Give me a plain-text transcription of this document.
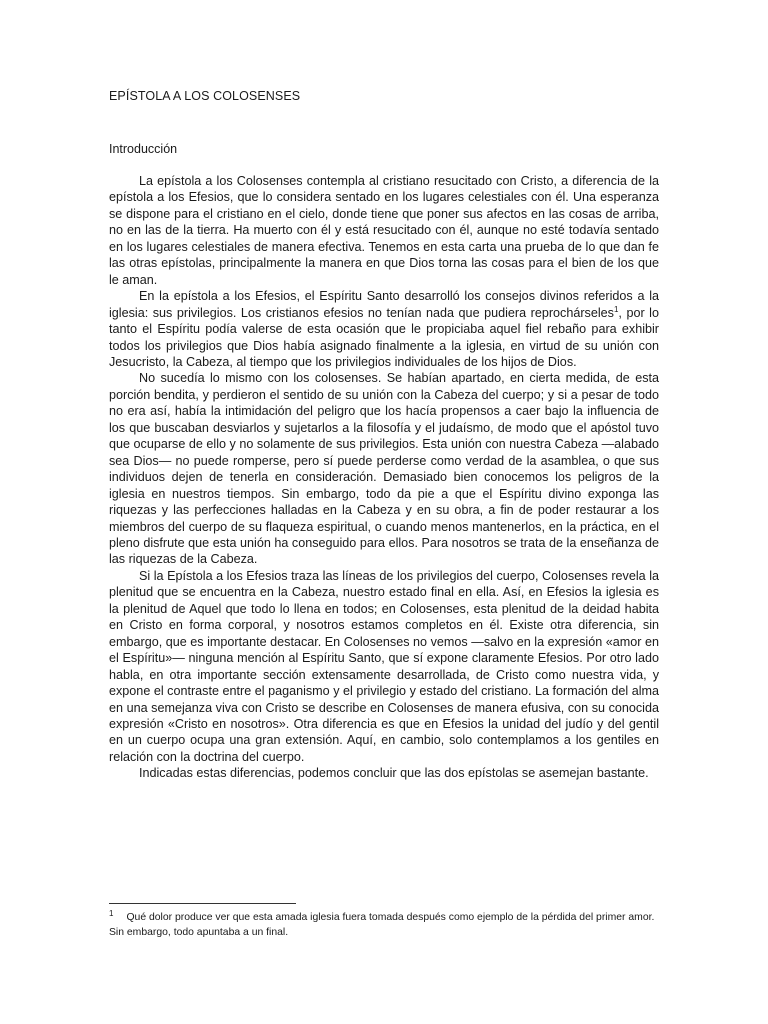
EPÍSTOLA A LOS COLOSENSES
Introducción

La epístola a los Colosenses contempla al cristiano resucitado con Cristo, a diferencia de la epístola a los Efesios, que lo considera sentado en los lugares celestiales con él. Una esperanza se dispone para el cristiano en el cielo, donde tiene que poner sus afectos en las cosas de arriba, no en las de la tierra. Ha muerto con él y está resucitado con él, aunque no esté todavía sentado en los lugares celestiales de manera efectiva. Tenemos en esta carta una prueba de lo que dan fe las otras epístolas, principalmente la manera en que Dios torna las cosas para el bien de los que le aman.

En la epístola a los Efesios, el Espíritu Santo desarrolló los consejos divinos referidos a la iglesia: sus privilegios. Los cristianos efesios no tenían nada que pudiera reprochárseles$^1$, por lo tanto el Espíritu podía valerse de esta ocasión que le propiciaba aquel fiel rebaño para exhibir todos los privilegios que Dios había asignado finalmente a la iglesia, en virtud de su unión con Jesucristo, la Cabeza, al tiempo que los privilegios individuales de los hijos de Dios.

No sucedía lo mismo con los colosenses. Se habían apartado, en cierta medida, de esta porción bendita, y perdieron el sentido de su unión con la Cabeza del cuerpo; y si a pesar de todo no era así, había la intimidación del peligro que los hacía propensos a caer bajo la influencia de los que buscaban desviarlos y sujetarlos a la filosofía y el judaísmo, de modo que el apóstol tuvo que ocuparse de ello y no solamente de sus privilegios. Esta unión con nuestra Cabeza —alabado sea Dios— no puede romperse, pero sí puede perderse como verdad de la asamblea, o que sus individuos dejen de tenerla en consideración. Demasiado bien conocemos los peligros de la iglesia en nuestros tiempos. Sin embargo, todo da pie a que el Espíritu divino exponga las riquezas y las perfecciones halladas en la Cabeza y en su obra, a fin de poder restaurar a los miembros del cuerpo de su flaqueza espiritual, o cuando menos mantenerlos, en la práctica, en el pleno disfrute que esta unión ha conseguido para ellos. Para nosotros se trata de la enseñanza de las riquezas de la Cabeza.

Si la Epístola a los Efesios traza las líneas de los privilegios del cuerpo, Colosenses revela la plenitud que se encuentra en la Cabeza, nuestro estado final en ella. Así, en Efesios la iglesia es la plenitud de Aquel que todo lo llena en todos; en Colosenses, esta plenitud de la deidad habita en Cristo en forma corporal, y nosotros estamos completos en él. Existe otra diferencia, sin embargo, que es importante destacar. En Colosenses no vemos —salvo en la expresión «amor en el Espíritu»— ninguna mención al Espíritu Santo, que sí expone claramente Efesios. Por otro lado habla, en otra importante sección extensamente desarrollada, de Cristo como nuestra vida, y expone el contraste entre el paganismo y el privilegio y estado del cristiano. La formación del alma en una semejanza viva con Cristo se describe en Colosenses de manera efusiva, con su conocida expresión «Cristo en nosotros». Otra diferencia es que en Efesios la unidad del judío y del gentil en un cuerpo ocupa una gran extensión. Aquí, en cambio, solo contemplamos a los gentiles en relación con la doctrina del cuerpo.

Indicadas estas diferencias, podemos concluir que las dos epístolas se asemejan bastante.

$^1$ Qué dolor produce ver que esta amada iglesia fuera tomada después como ejemplo de la pérdida del primer amor. Sin embargo, todo apuntaba a un final.
